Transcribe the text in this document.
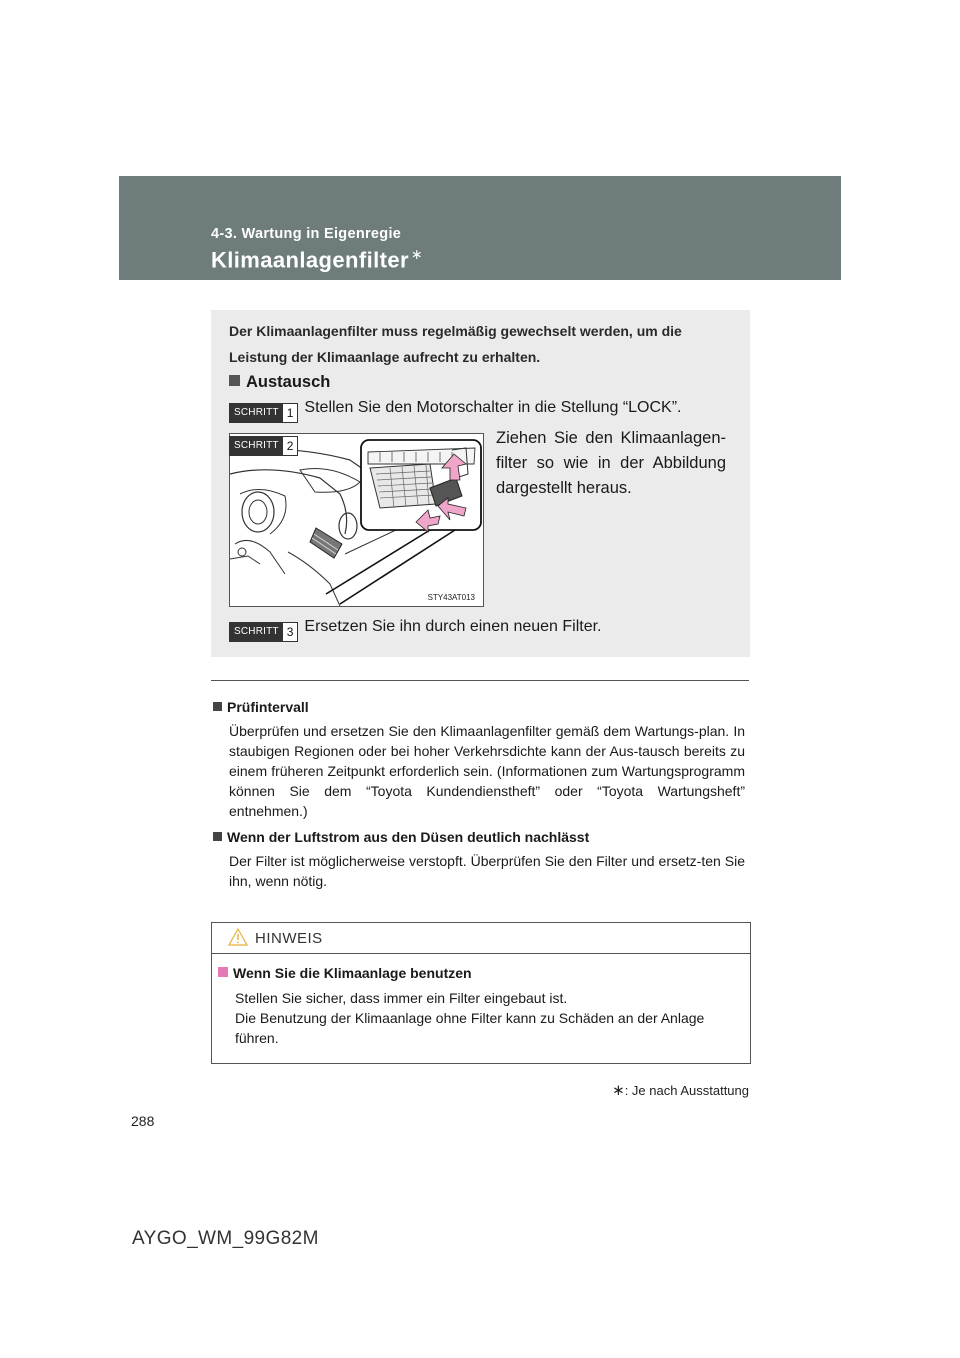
4-3. Wartung in Eigenregie
Klimaanlagenfilter ∗
Der Klimaanlagenfilter muss regelmäßig gewechselt werden, um die Leistung der Klimaanlage aufrecht zu erhalten.
Austausch
SCHRITT 1 Stellen Sie den Motorschalter in die Stellung “LOCK”.
STY43AT013
SCHRITT 2	Ziehen Sie den Klimaanlagen-filter so wie in der Abbildung dargestellt heraus.
SCHRITT 3 Ersetzen Sie ihn durch einen neuen Filter.
Prüfintervall
Überprüfen und ersetzen Sie den Klimaanlagenfilter gemäß dem Wartungs-plan. In staubigen Regionen oder bei hoher Verkehrsdichte kann der Aus-tausch bereits zu einem früheren Zeitpunkt erforderlich sein. (Informationen zum Wartungsprogramm können Sie dem “Toyota Kundendienstheft” oder “Toyota Wartungsheft” entnehmen.)
Wenn der Luftstrom aus den Düsen deutlich nachlässt
Der Filter ist möglicherweise verstopft. Überprüfen Sie den Filter und ersetz-ten Sie ihn, wenn nötig.
HINWEIS
Wenn Sie die Klimaanlage benutzen
Stellen Sie sicher, dass immer ein Filter eingebaut ist.
Die Benutzung der Klimaanlage ohne Filter kann zu Schäden an der Anlage führen.
∗: Je nach Ausstattung
288
AYGO_WM_99G82M
